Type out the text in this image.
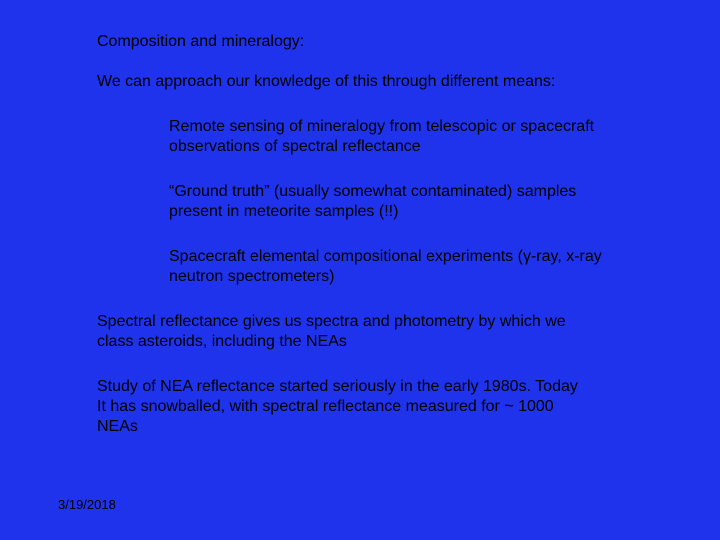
Composition and mineralogy:
We can approach our knowledge of this through different means:
Remote sensing of mineralogy from telescopic or spacecraft
observations of spectral reflectance
“Ground truth” (usually somewhat contaminated) samples
present in meteorite samples (!!)
Spacecraft elemental compositional experiments (γ-ray, x-ray
neutron spectrometers)
Spectral reflectance gives us spectra and photometry by which we
class asteroids, including the NEAs
Study of NEA reflectance started seriously in the early 1980s. Today
It has snowballed, with spectral reflectance measured for ~ 1000
NEAs
3/19/2018
